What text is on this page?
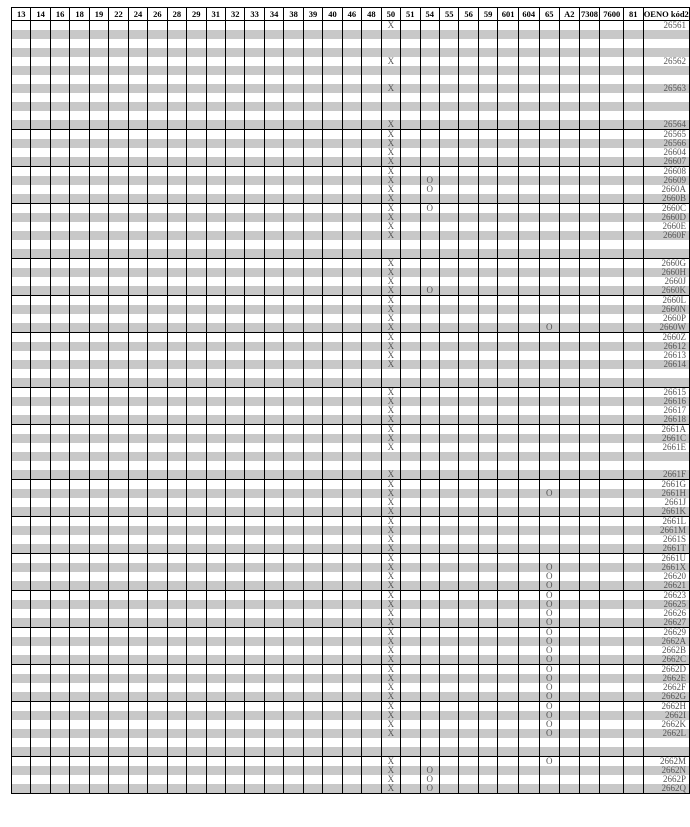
13	14	16	18	19	22	24	26	28	29	31	32	33	34	38	39	40	46	48	50	51	54	55	56	59	601	604	65	A2	7308	7600	81	OENO kód2
																			X													26561

																			X													26562

																			X													26563

																			X													26564
																			X													26565
																			X													26566
																			X													26604
																			X													26607
																			X													26608
																			X		O											26609
																			X		O											2660A
																			X													2660B
																			X		O											2660C
																			X													2660D
																			X													2660E
																			X													2660F

																			X													2660G
																			X													2660H
																			X													2660J
																			X		O											2660K
																			X													2660L
																			X													2660N
																			X													2660P
																			X								O					2660W
																			X													2660Z
																			X													26612
																			X													26613
																			X													26614

																			X													26615
																			X													26616
																			X													26617
																			X													26618
																			X													2661A
																			X													2661C
																			X													2661E

																			X													2661F
																			X													2661G
																			X								O					2661H
																			X													2661J
																			X													2661K
																			X													2661L
																			X													2661M
																			X													2661S
																			X													2661T
																			X													2661U
																			X								O					2661X
																			X								O					26620
																			X								O					26621
																			X								O					26623
																			X								O					26625
																			X								O					26626
																			X								O					26627
																			X								O					26629
																			X								O					2662A
																			X								O					2662B
																			X								O					2662C
																			X								O					2662D
																			X								O					2662E
																			X								O					2662F
																			X								O					2662G
																			X								O					2662H
																			X								O					2662I
																			X								O					2662K
																			X								O					2662L

																			X								O					2662M
																			X		O											2662N
																			X		O											2662P
																			X		O											2662Q
